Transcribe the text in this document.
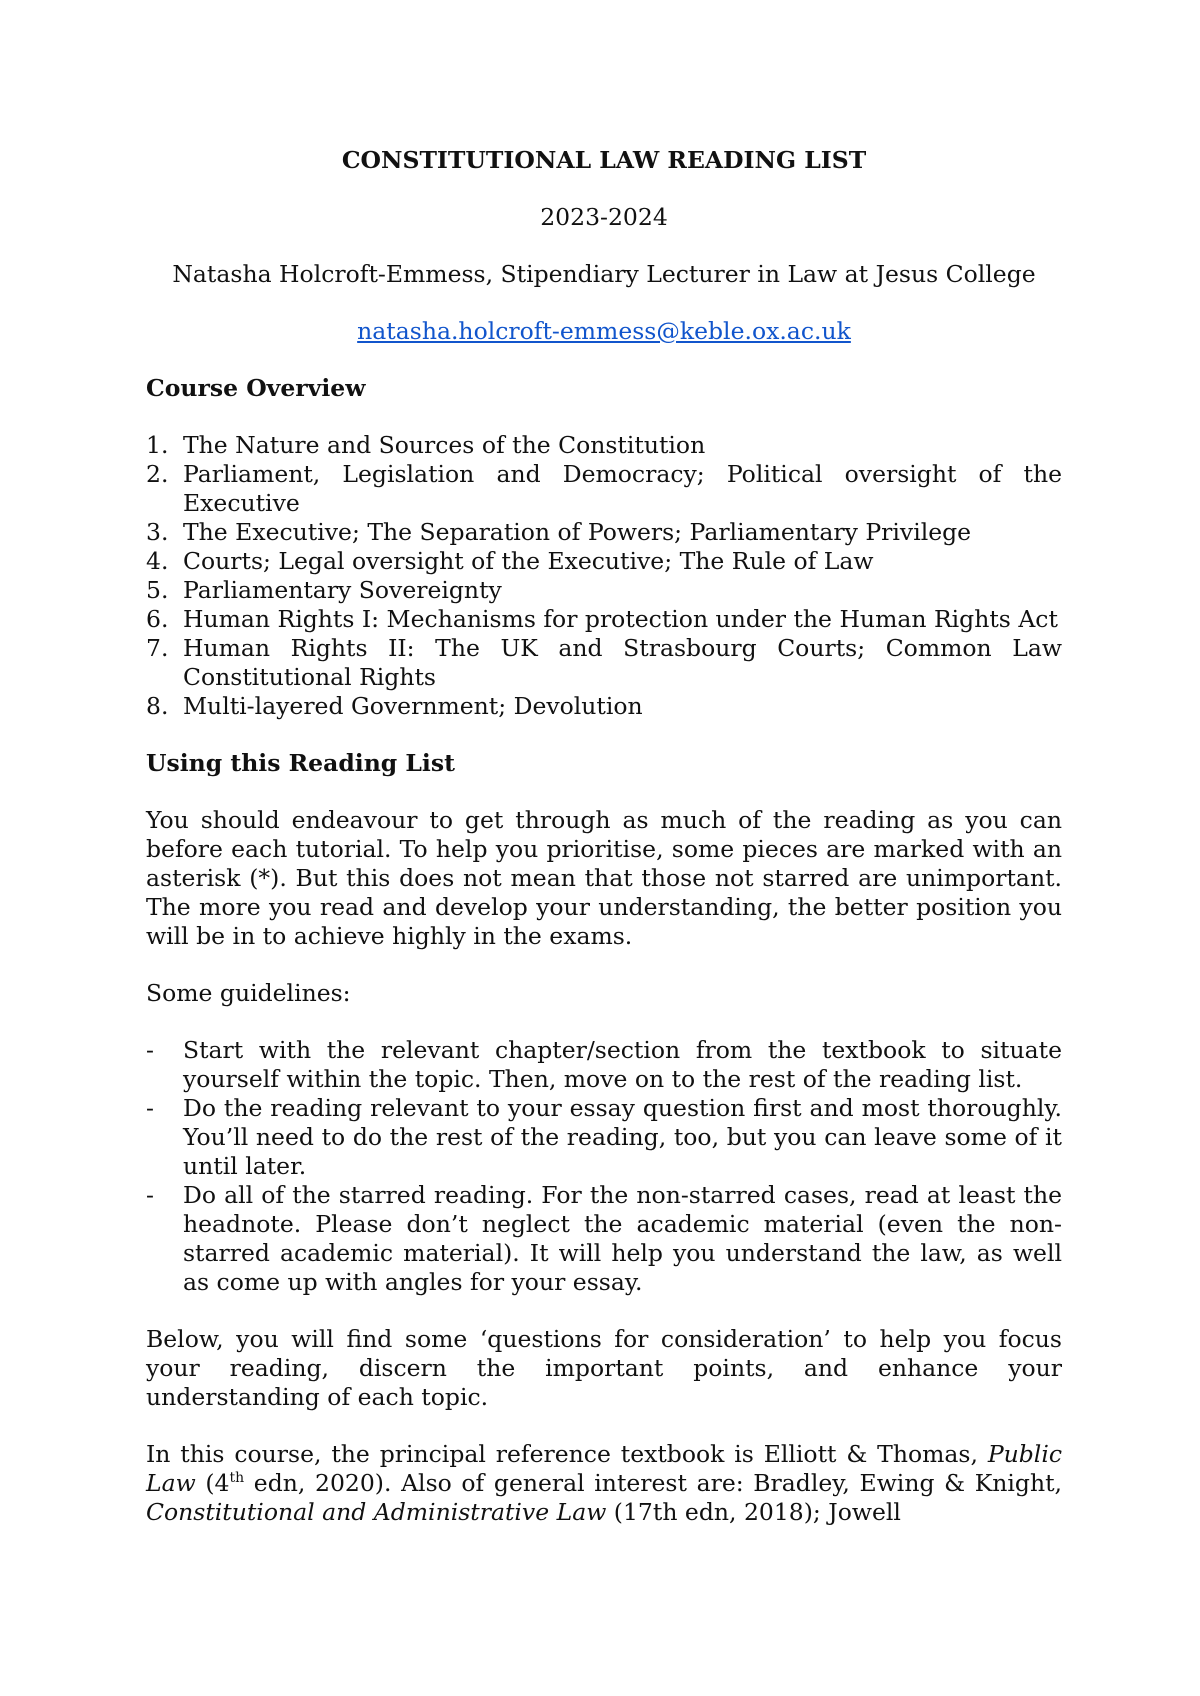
CONSTITUTIONAL LAW READING LIST
2023-2024
Natasha Holcroft-Emmess, Stipendiary Lecturer in Law at Jesus College
natasha.holcroft-emmess@keble.ox.ac.uk
Course Overview
1. The Nature and Sources of the Constitution
2. Parliament, Legislation and Democracy; Political oversight of the Executive
3. The Executive; The Separation of Powers; Parliamentary Privilege
4. Courts; Legal oversight of the Executive; The Rule of Law
5. Parliamentary Sovereignty
6. Human Rights I: Mechanisms for protection under the Human Rights Act
7. Human Rights II: The UK and Strasbourg Courts; Common Law Constitutional Rights
8. Multi-layered Government; Devolution
Using this Reading List
You should endeavour to get through as much of the reading as you can before each tutorial. To help you prioritise, some pieces are marked with an asterisk (*). But this does not mean that those not starred are unimportant. The more you read and develop your understanding, the better position you will be in to achieve highly in the exams.
Some guidelines:
- Start with the relevant chapter/section from the textbook to situate yourself within the topic. Then, move on to the rest of the reading list.
- Do the reading relevant to your essay question first and most thoroughly. You’ll need to do the rest of the reading, too, but you can leave some of it until later.
- Do all of the starred reading. For the non-starred cases, read at least the headnote. Please don’t neglect the academic material (even the non-starred academic material). It will help you understand the law, as well as come up with angles for your essay.
Below, you will find some ‘questions for consideration’ to help you focus your reading, discern the important points, and enhance your understanding of each topic.
In this course, the principal reference textbook is Elliott & Thomas, Public Law (4th edn, 2020). Also of general interest are: Bradley, Ewing & Knight, Constitutional and Administrative Law (17th edn, 2018); Jowell
